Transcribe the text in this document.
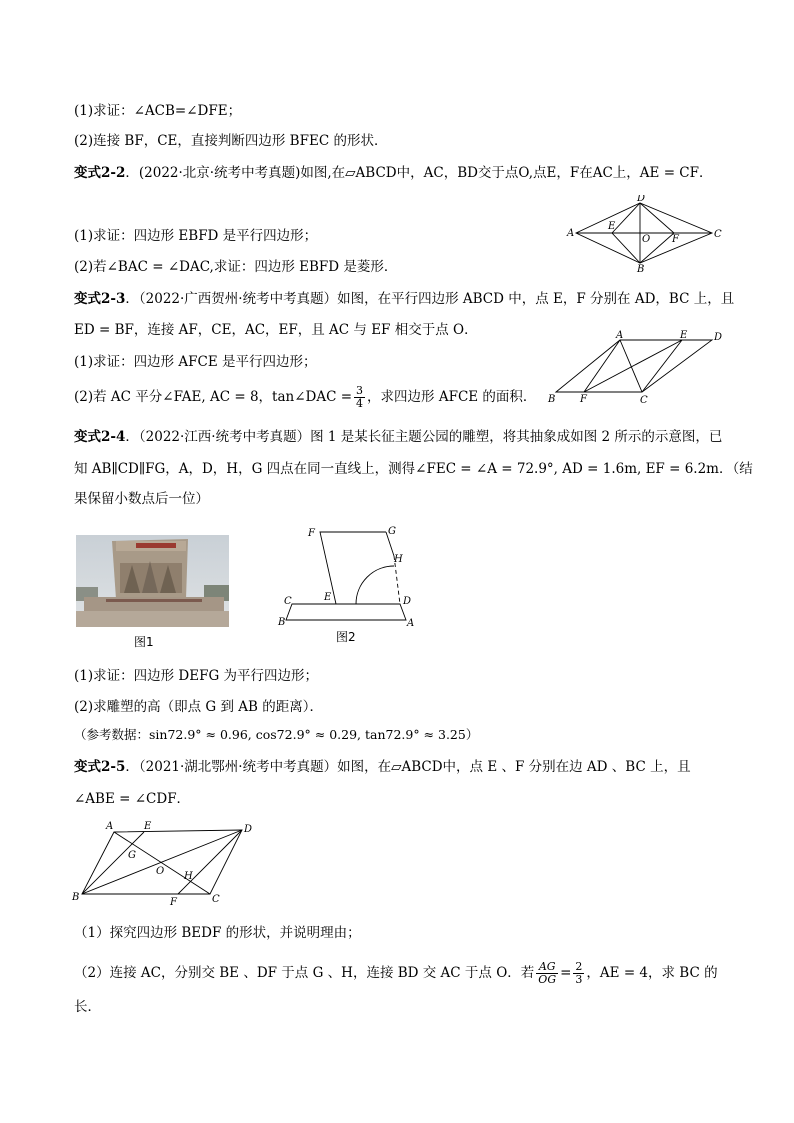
(1)求证：∠ACB=∠DFE；
(2)连接 BF，CE，直接判断四边形 BFEC 的形状．
变式2-2．(2022·北京·统考中考真题)如图,在▱ABCD中，AC，BD交于点O,点E，F在AC上，AE = CF．
(1)求证：四边形 EBFD 是平行四边形；
(2)若∠BAC = ∠DAC,求证：四边形 EBFD 是菱形．
A
D
C
B
E
O F
变式2-3．（2022·广西贺州·统考中考真题）如图，在平行四边形 ABCD 中，点 E，F 分别在 AD，BC 上，且
ED = BF，连接 AF，CE，AC，EF，且 AC 与 EF 相交于点 O．
(1)求证：四边形 AFCE 是平行四边形；
(2)若 AC 平分∠FAE, AC = 8，tan∠DAC = $\frac{3}{4}$ ，求四边形 AFCE 的面积．
A	E	D
B F	C
变式2-4．（2022·江西·统考中考真题）图 1 是某长征主题公园的雕塑，将其抽象成如图 2 所示的示意图，已
知 AB∥CD∥FG，A，D，H，G 四点在同一直线上，测得∠FEC = ∠A = 72.9°, AD = 1.6m, EF = 6.2m．（结
果保留小数点后一位）
图1
F	G
H
E	D
C
B	A
图2
(1)求证：四边形 DEFG 为平行四边形；
(2)求雕塑的高（即点 G 到 AB 的距离）．
（参考数据：sin72.9° ≈ 0.96, cos72.9° ≈ 0.29, tan72.9° ≈ 3.25）
变式2-5．（2021·湖北鄂州·统考中考真题）如图，在▱ABCD中，点 E 、F 分别在边 AD 、BC 上，且
∠ABE = ∠CDF．
A	E	D
B	F	C
G
O H
（1）探究四边形 BEDF 的形状，并说明理由；
（2）连接 AC，分别交 BE 、DF 于点 G 、H，连接 BD 交 AC 于点 O．若 $\frac{AG}{OG} = \frac{2}{3}$ ，AE = 4，求 BC 的
长．
